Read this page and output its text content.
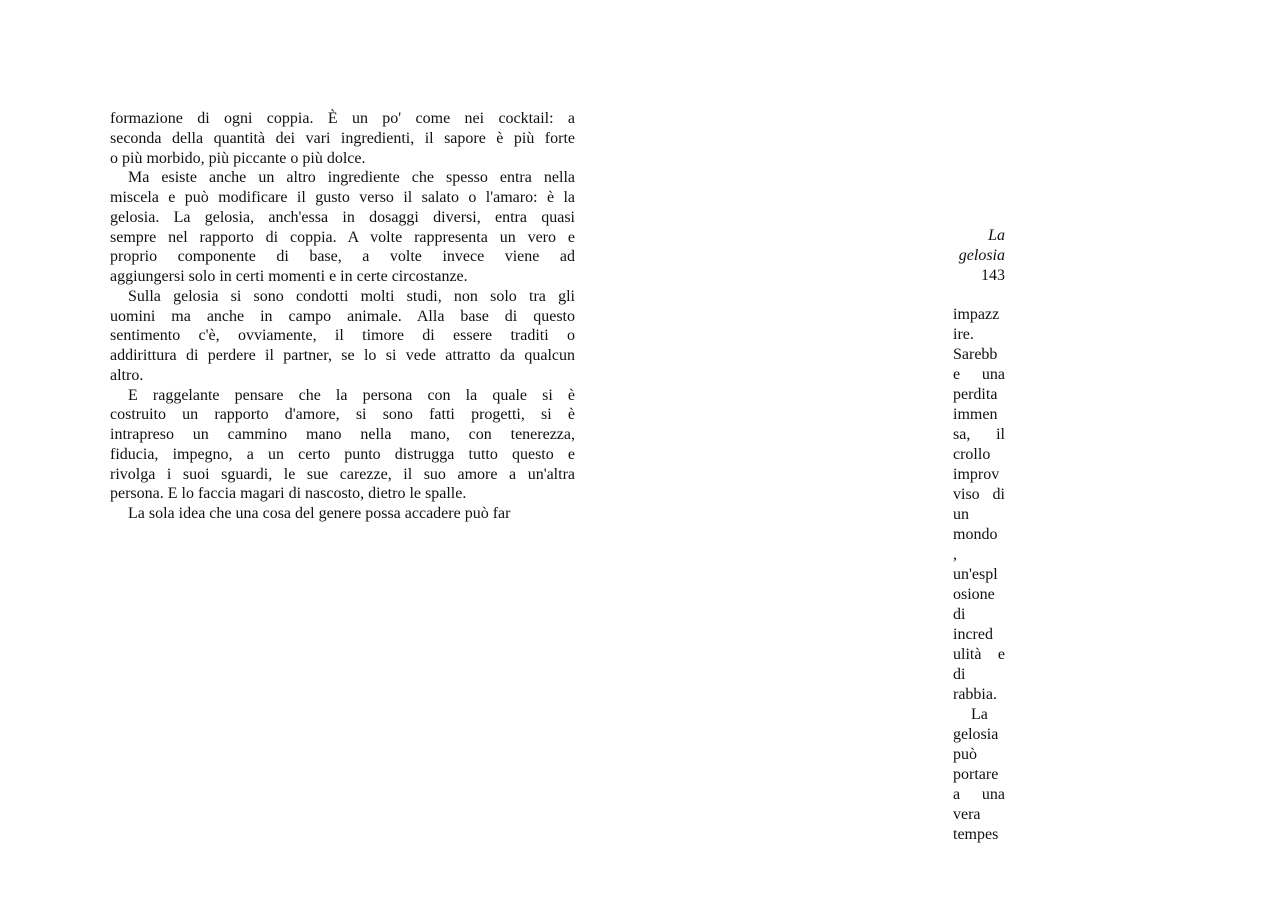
formazione di ogni coppia. È un po' come nei cocktail: a
seconda della quantità dei vari ingredienti, il sapore è più forte
o più morbido, più piccante o più dolce.
Ma esiste anche un altro ingrediente che spesso entra nella
miscela e può modificare il gusto verso il salato o l'amaro: è la
gelosia. La gelosia, anch'essa in dosaggi diversi, entra quasi
sempre nel rapporto di coppia. A volte rappresenta un vero e
proprio componente di base, a volte invece viene ad
aggiungersi solo in certi momenti e in certe circostanze.
Sulla gelosia si sono condotti molti studi, non solo tra gli
uomini ma anche in campo animale. Alla base di questo
sentimento c'è, ovviamente, il timore di essere traditi o
addirittura di perdere il partner, se lo si vede attratto da qualcun
altro.
E raggelante pensare che la persona con la quale si è
costruito un rapporto d'amore, si sono fatti progetti, si è
intrapreso un cammino mano nella mano, con tenerezza,
fiducia, impegno, a un certo punto distrugga tutto questo e
rivolga i suoi sguardi, le sue carezze, il suo amore a un'altra
persona. E lo faccia magari di nascosto, dietro le spalle.
La sola idea che una cosa del genere possa accadere può far
La
gelosia
143
impazz
ire.
Sarebb
e una
perdita
immen
sa, il
crollo
improv
viso di
un
mondo
,
un'espl
osione
di
incred
ulità e
di
rabbia.
La
gelosia
può
portare
a una
vera
tempes
